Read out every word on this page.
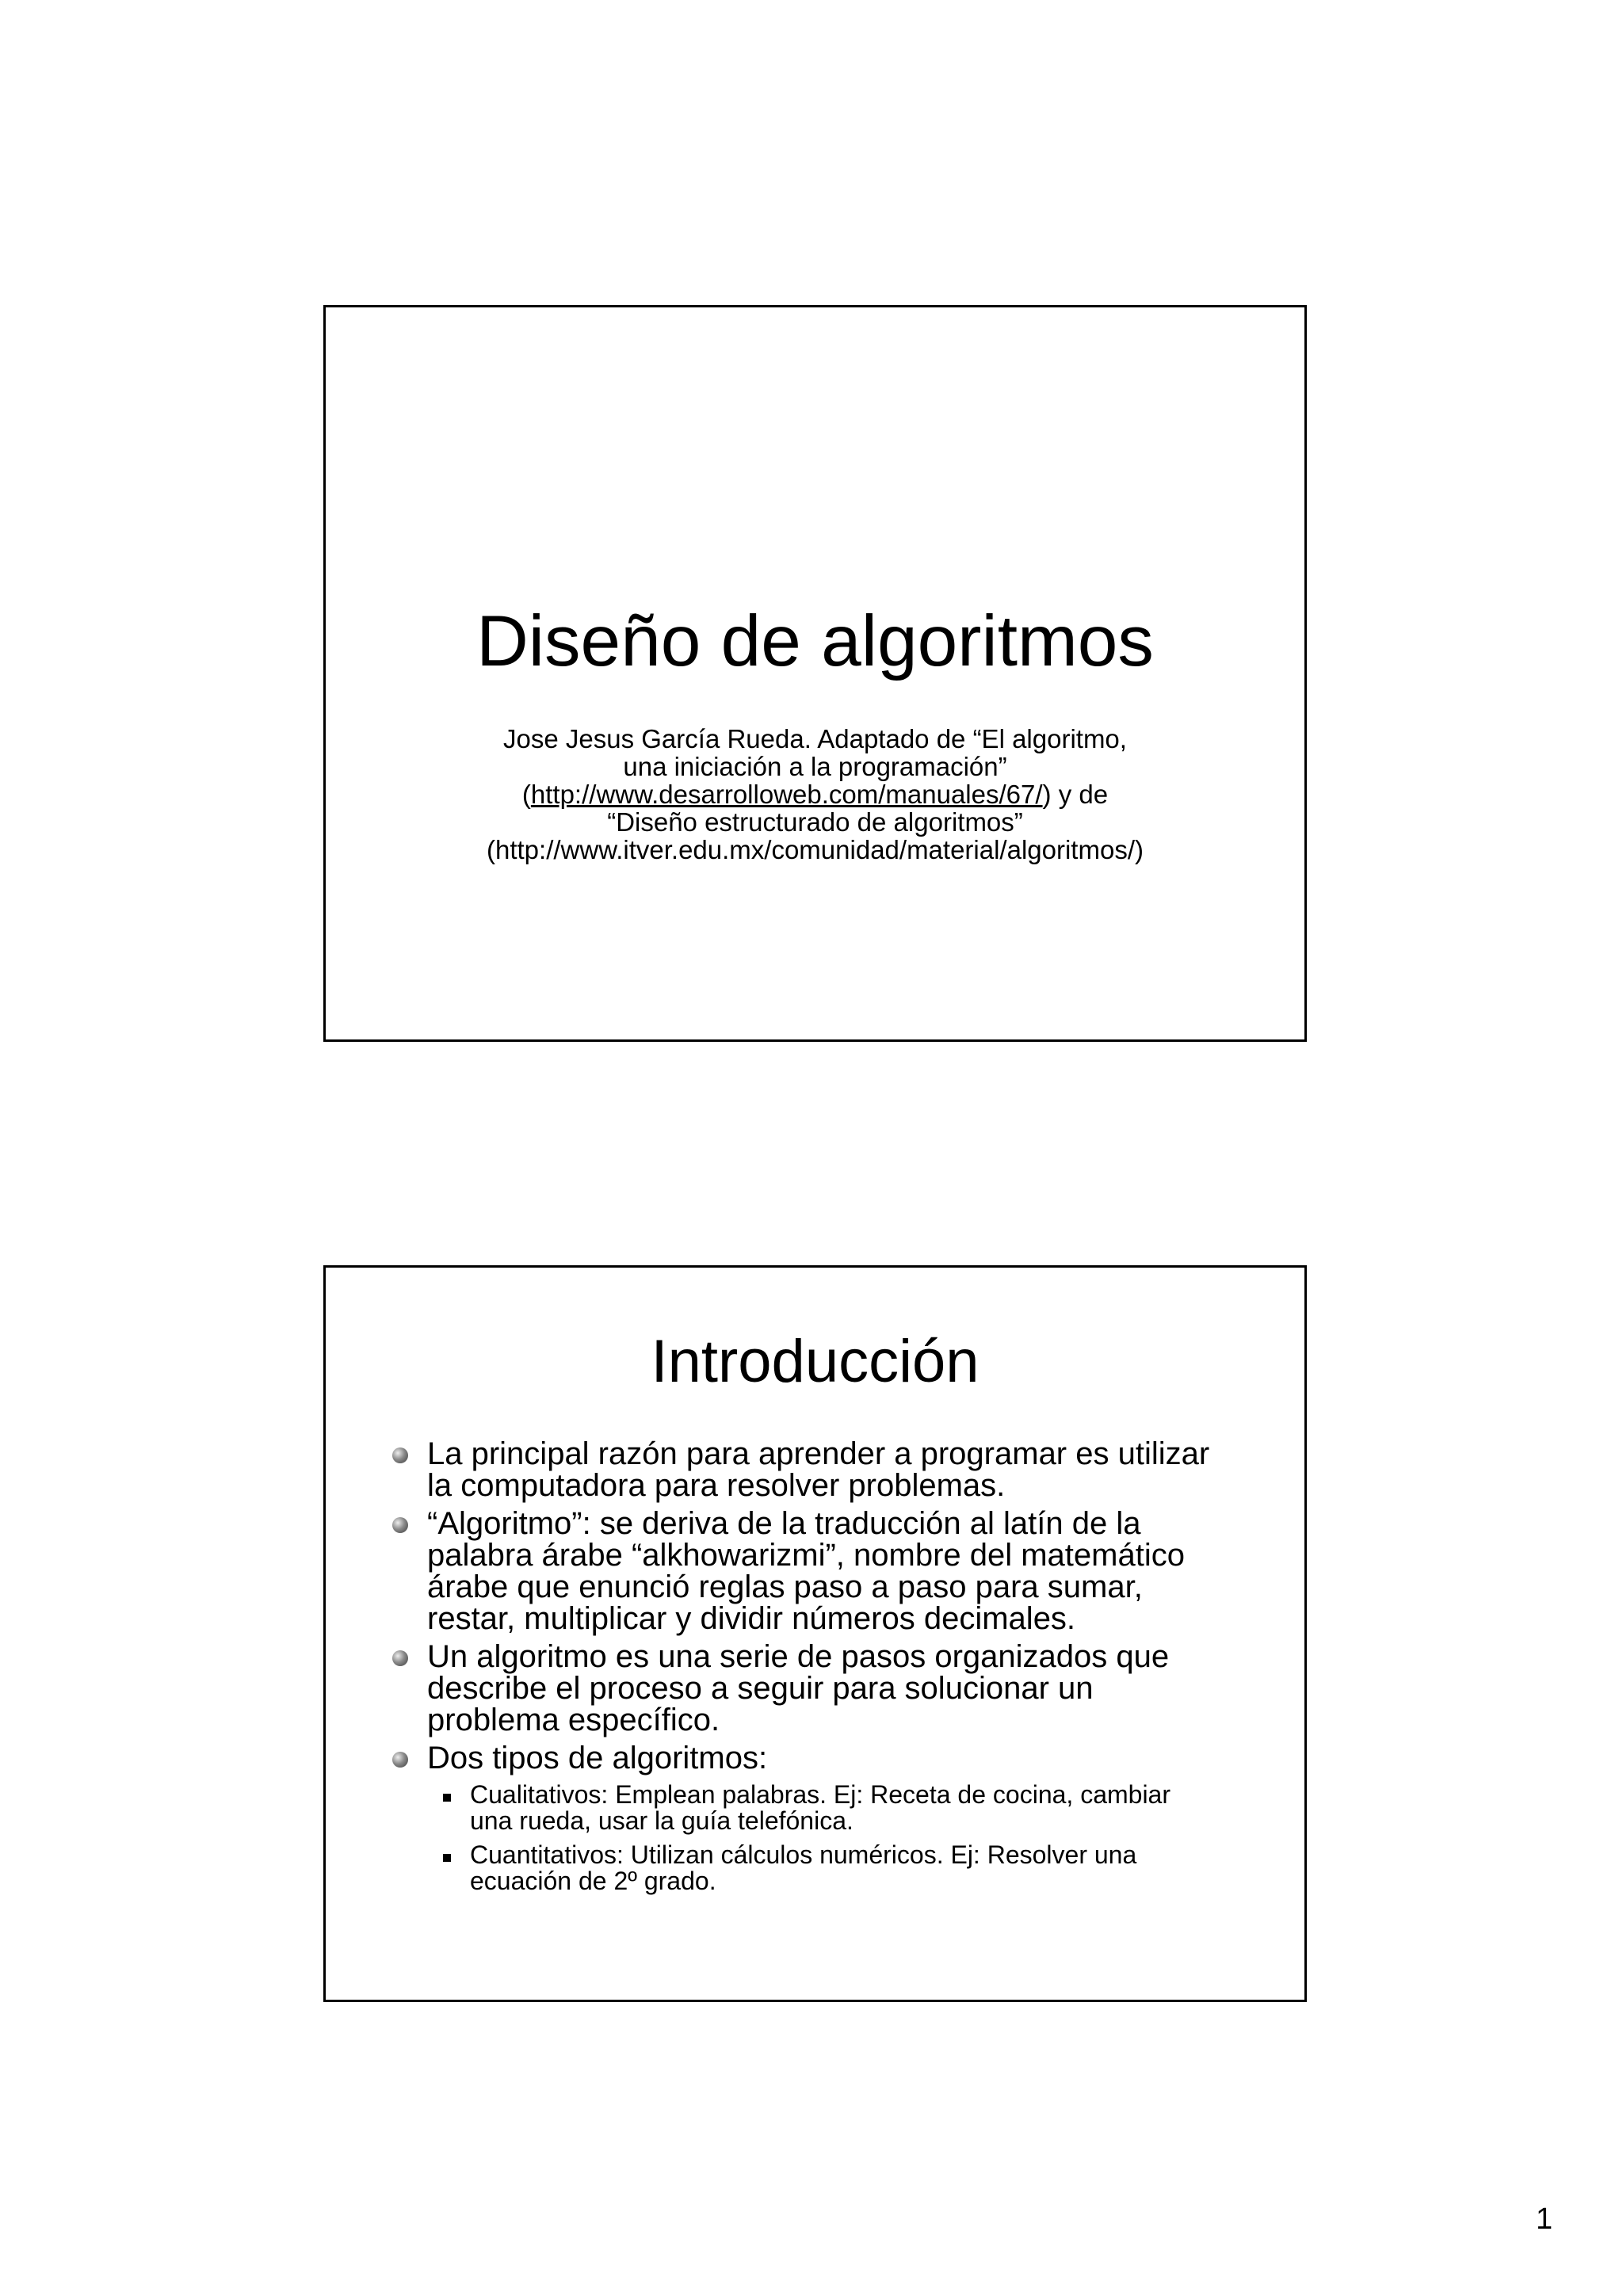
Diseño de algoritmos
Jose Jesus García Rueda. Adaptado de “El algoritmo,
una iniciación a la programación”
(http://www.desarrolloweb.com/manuales/67/) y de
“Diseño estructurado de algoritmos”
(http://www.itver.edu.mx/comunidad/material/algoritmos/)
Introducción
La principal razón para aprender a programar es utilizar
la computadora para resolver problemas.
“Algoritmo”: se deriva de la traducción al latín de la
palabra árabe “alkhowarizmi”, nombre del matemático
árabe que enunció reglas paso a paso para sumar,
restar, multiplicar y dividir números decimales.
Un algoritmo es una serie de pasos organizados que
describe el proceso a seguir para solucionar un
problema específico.
Dos tipos de algoritmos:
Cualitativos: Emplean palabras. Ej: Receta de cocina, cambiar
una rueda, usar la guía telefónica.
Cuantitativos: Utilizan cálculos numéricos. Ej: Resolver una
ecuación de 2º grado.
1
